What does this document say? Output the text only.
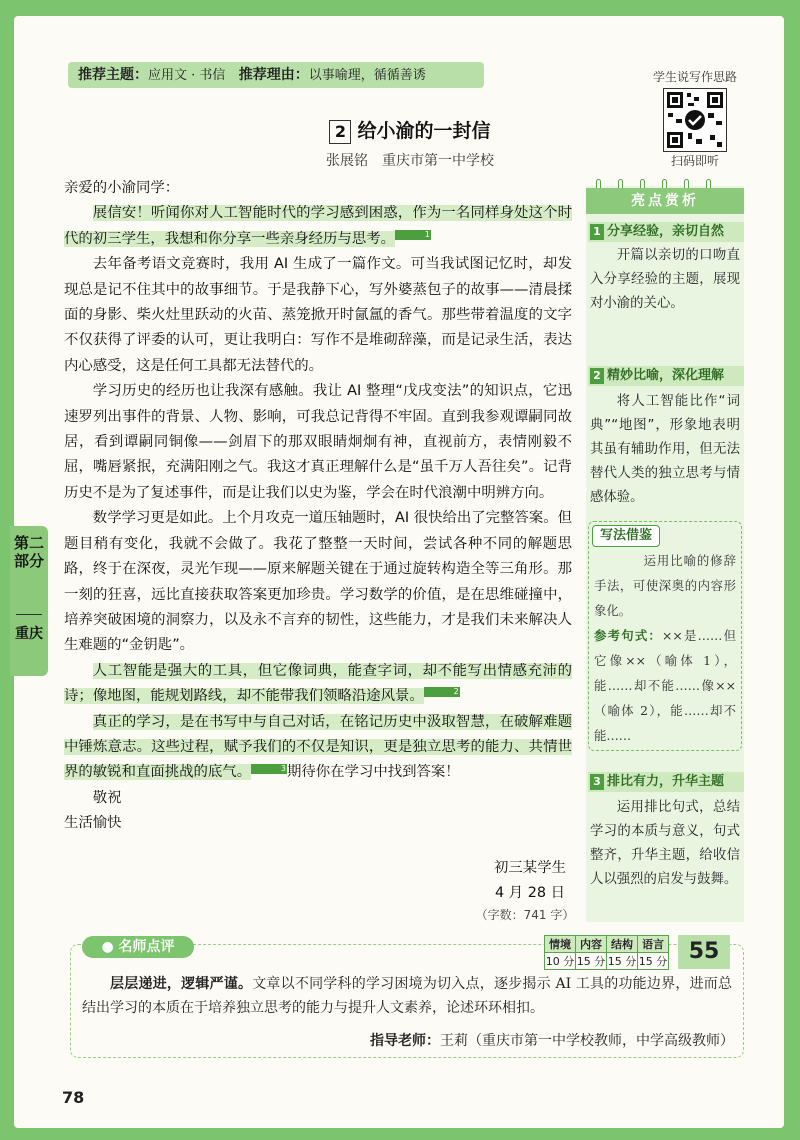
推荐主题：应用文 · 书信 推荐理由：以事喻理，循循善诱	学生说写作思路
扫码即听
2 给小渝的一封信
张展铭　重庆市第一中学校

亲爱的小渝同学：

展信安！听闻你对人工智能时代的学习感到困惑，作为一名同样身处这个时代的初三学生，我想和你分享一些亲身经历与思考。	1

去年备考语文竞赛时，我用 AI 生成了一篇作文。可当我试图记忆时，却发现总是记不住其中的故事细节。于是我静下心，写外婆蒸包子的故事——清晨揉面的身影、柴火灶里跃动的火苗、蒸笼掀开时氤氲的香气。那些带着温度的文字不仅获得了评委的认可，更让我明白：写作不是堆砌辞藻，而是记录生活，表达内心感受，这是任何工具都无法替代的。

学习历史的经历也让我深有感触。我让 AI 整理“戊戌变法”的知识点，它迅速罗列出事件的背景、人物、影响，可我总记背得不牢固。直到我参观谭嗣同故居，看到谭嗣同铜像——剑眉下的那双眼睛炯炯有神，直视前方，表情刚毅不屈，嘴唇紧抿，充满阳刚之气。我这才真正理解什么是“虽千万人吾往矣”。记背历史不是为了复述事件，而是让我们以史为鉴，学会在时代浪潮中明辨方向。

数学学习更是如此。上个月攻克一道压轴题时，AI 很快给出了完整答案。但题目稍有变化，我就不会做了。我花了整整一天时间，尝试各种不同的解题思路，终于在深夜，灵光乍现——原来解题关键在于通过旋转构造全等三角形。那一刻的狂喜，远比直接获取答案更加珍贵。学习数学的价值，是在思维碰撞中，培养突破困境的洞察力，以及永不言弃的韧性，这些能力，才是我们未来解决人生难题的“金钥匙”。

人工智能是强大的工具，但它像词典，能查字词，却不能写出情感充沛的诗；像地图，能规划路线，却不能带我们领略沿途风景。	2

真正的学习，是在书写中与自己对话，在铭记历史中汲取智慧，在破解难题中锤炼意志。这些过程，赋予我们的不仅是知识，更是独立思考的能力、共情世界的敏锐和直面挑战的底气。	3期待你在学习中找到答案！

敬祝

生活愉快

初三某学生
4 月 28 日
（字数：741 字）
第二部分
重庆
亮点赏析
1 分享经验，亲切自然

开篇以亲切的口吻直入分享经验的主题，展现对小渝的关心。

2 精妙比喻，深化理解

将人工智能比作“词典”“地图”，形象地表明其虽有辅助作用，但无法替代人类的独立思考与情感体验。

写法借鉴

运用比喻的修辞手法，可使深奥的内容形象化。

参考句式：××是……但它像××（喻体 1），能……却不能……像××（喻体 2），能……却不能……

3 排比有力，升华主题

运用排比句式，总结学习的本质与意义，句式整齐，升华主题，给收信人以强烈的启发与鼓舞。

● 名师点评	情境	内容	结构	语言
10 分	15 分	15 分	15 分 55

层层递进，逻辑严谨。文章以不同学科的学习困境为切入点，逐步揭示 AI 工具的功能边界，进而总结出学习的本质在于培养独立思考的能力与提升人文素养，论述环环相扣。

指导老师：王莉（重庆市第一中学校教师，中学高级教师）
78
